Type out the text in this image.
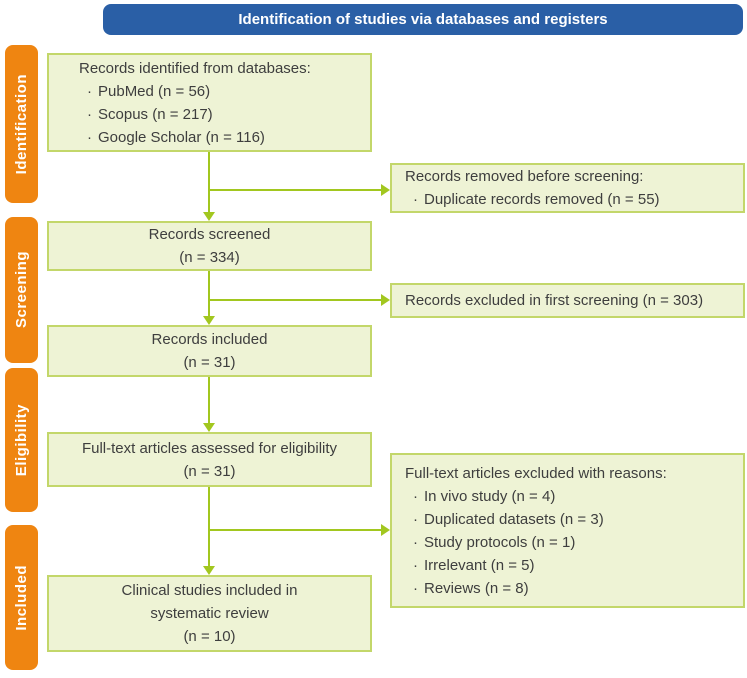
Identification of studies via databases and registers
Identification
Screening
Eligibility
Included
Records identified from databases:
· PubMed (n = 56)
· Scopus (n = 217)
· Google Scholar (n = 116)
Records screened
(n = 334)
Records included
(n = 31)
Full-text articles assessed for eligibility
(n = 31)
Clinical studies included in
systematic review
(n = 10)
Records removed before screening:
· Duplicate records removed (n = 55)
Records excluded in first screening (n = 303)
Full-text articles excluded with reasons:
· In vivo study (n = 4)
· Duplicated datasets (n = 3)
· Study protocols (n = 1)
· Irrelevant (n = 5)
· Reviews (n = 8)
